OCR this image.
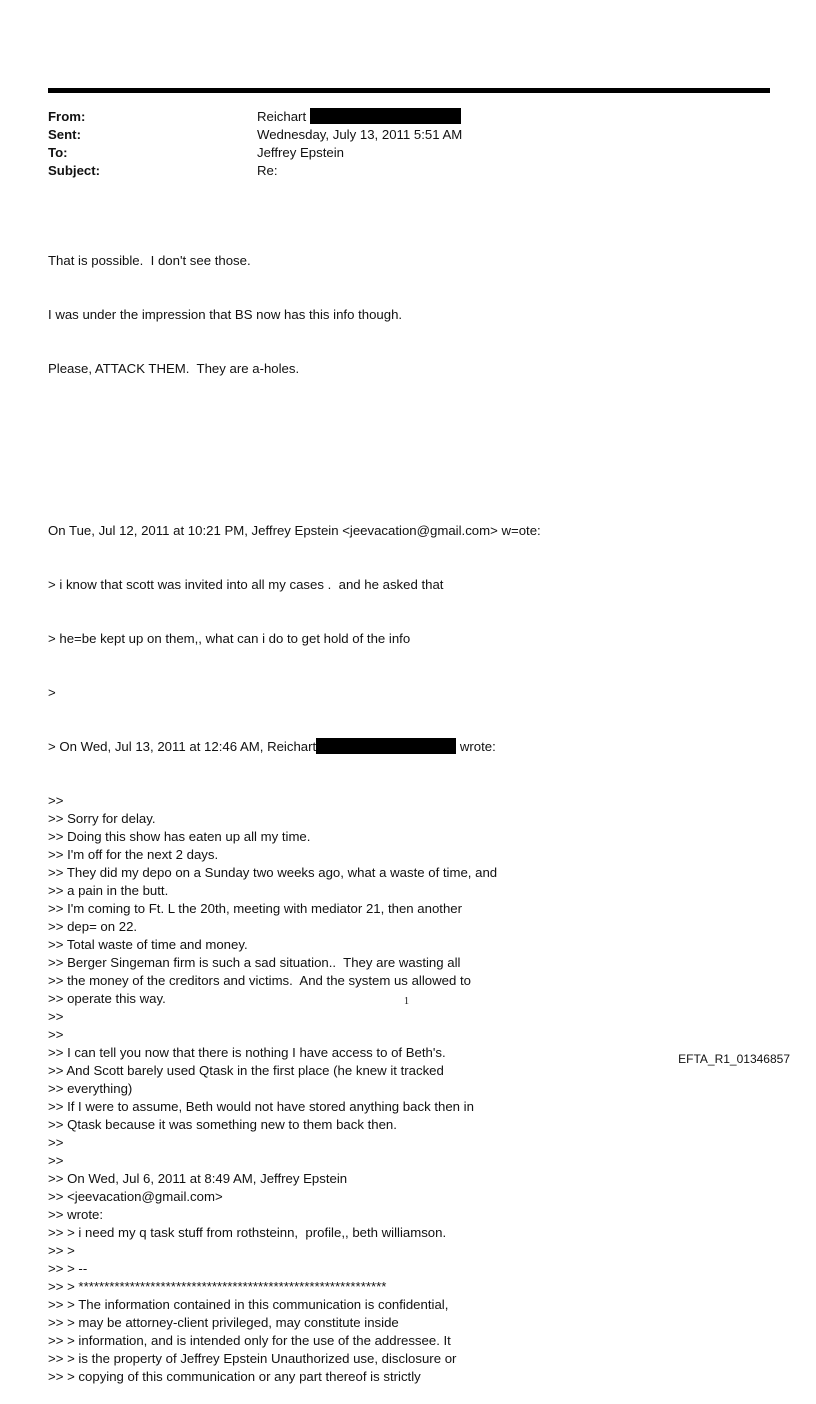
From:	Reichart
Sent:	Wednesday, July 13, 2011 5:51 AM
To:	Jeffrey Epstein
Subject:	Re:

That is possible.  I don't see those.

I was under the impression that BS now has this info though.

Please, ATTACK THEM.  They are a-holes.

On Tue, Jul 12, 2011 at 10:21 PM, Jeffrey Epstein <jeevacation@gmail.com> w=ote:

> i know that scott was invited into all my cases .  and he asked that

> he=be kept up on them,, what can i do to get hold of the info

>

> On Wed, Jul 13, 2011 at 12:46 AM, Reichart	wrote:

>>
>> Sorry for delay.
>> Doing this show has eaten up all my time.
>> I'm off for the next 2 days.
>> They did my depo on a Sunday two weeks ago, what a waste of time, and
>> a pain in the butt.
>> I'm coming to Ft. L the 20th, meeting with mediator 21, then another
>> dep= on 22.
>> Total waste of time and money.
>> Berger Singeman firm is such a sad situation..  They are wasting all
>> the money of the creditors and victims.  And the system us allowed to
>> operate this way.
>>
>>
>> I can tell you now that there is nothing I have access to of Beth's.
>> And Scott barely used Qtask in the first place (he knew it tracked
>> everything)
>> If I were to assume, Beth would not have stored anything back then in
>> Qtask because it was something new to them back then.
>>
>>
>> On Wed, Jul 6, 2011 at 8:49 AM, Jeffrey Epstein
>> <jeevacation@gmail.com>
>> wrote:
>> > i need my q task stuff from rothsteinn,  profile,, beth williamson.
>> >
>> > --
>> > ************************************************************
>> > The information contained in this communication is confidential,
>> > may be attorney-client privileged, may constitute inside
>> > information, and is intended only for the use of the addressee. It
>> > is the property of Jeffrey Epstein Unauthorized use, disclosure or
>> > copying of this communication or any part thereof is strictly

1
EFTA_R1_01346857
